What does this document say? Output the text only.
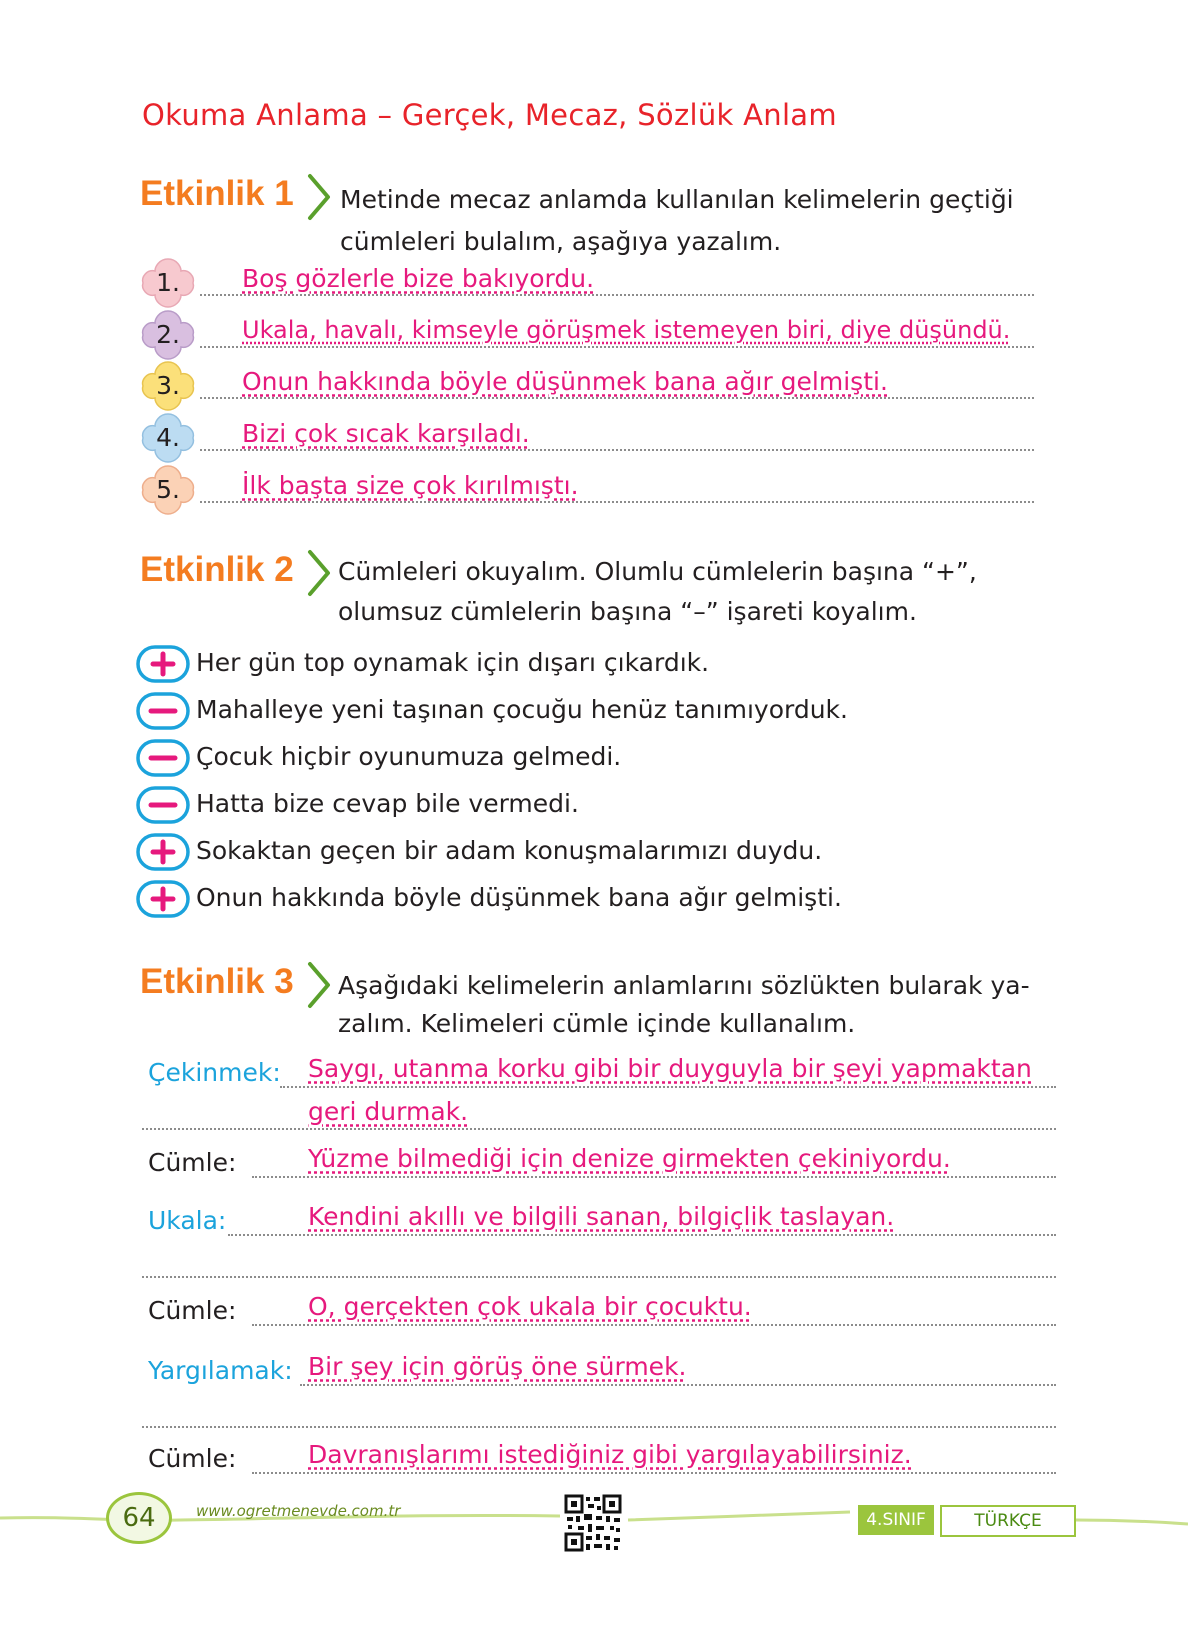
Okuma Anlama – Gerçek, Mecaz, Sözlük Anlam
Etkinlik 1 Metinde mecaz anlamda kullanılan kelimelerin geçtiği
cümleleri bulalım, aşağıya yazalım.
1.	Boş gözlerle bize bakıyordu.
2.	Ukala, havalı, kimseyle görüşmek istemeyen biri, diye düşündü.
3.	Onun hakkında böyle düşünmek bana ağır gelmişti.
4.	Bizi çok sıcak karşıladı.
5.	İlk başta size çok kırılmıştı.
Etkinlik 2 Cümleleri okuyalım. Olumlu cümlelerin başına “+”,
olumsuz cümlelerin başına “–” işareti koyalım.
Her gün top oynamak için dışarı çıkardık.
Mahalleye yeni taşınan çocuğu henüz tanımıyorduk.
Çocuk hiçbir oyunumuza gelmedi.
Hatta bize cevap bile vermedi.
Sokaktan geçen bir adam konuşmalarımızı duydu.
Onun hakkında böyle düşünmek bana ağır gelmişti.
Etkinlik 3 Aşağıdaki kelimelerin anlamlarını sözlükten bularak ya-
zalım. Kelimeleri cümle içinde kullanalım.
Çekinmek: Saygı, utanma korku gibi bir duyguyla bir şeyi yapmaktan
geri durmak.
Cümle:	Yüzme bilmediği için denize girmekten çekiniyordu.
Ukala:	Kendini akıllı ve bilgili sanan, bilgiçlik taslayan.
Cümle:	O, gerçekten çok ukala bir çocuktu.
Yargılamak: Bir şey için görüş öne sürmek.
Cümle:	Davranışlarımı istediğiniz gibi yargılayabilirsiniz.
64	www.ogretmenevde.com.tr	4.SINIF	TÜRKÇE
